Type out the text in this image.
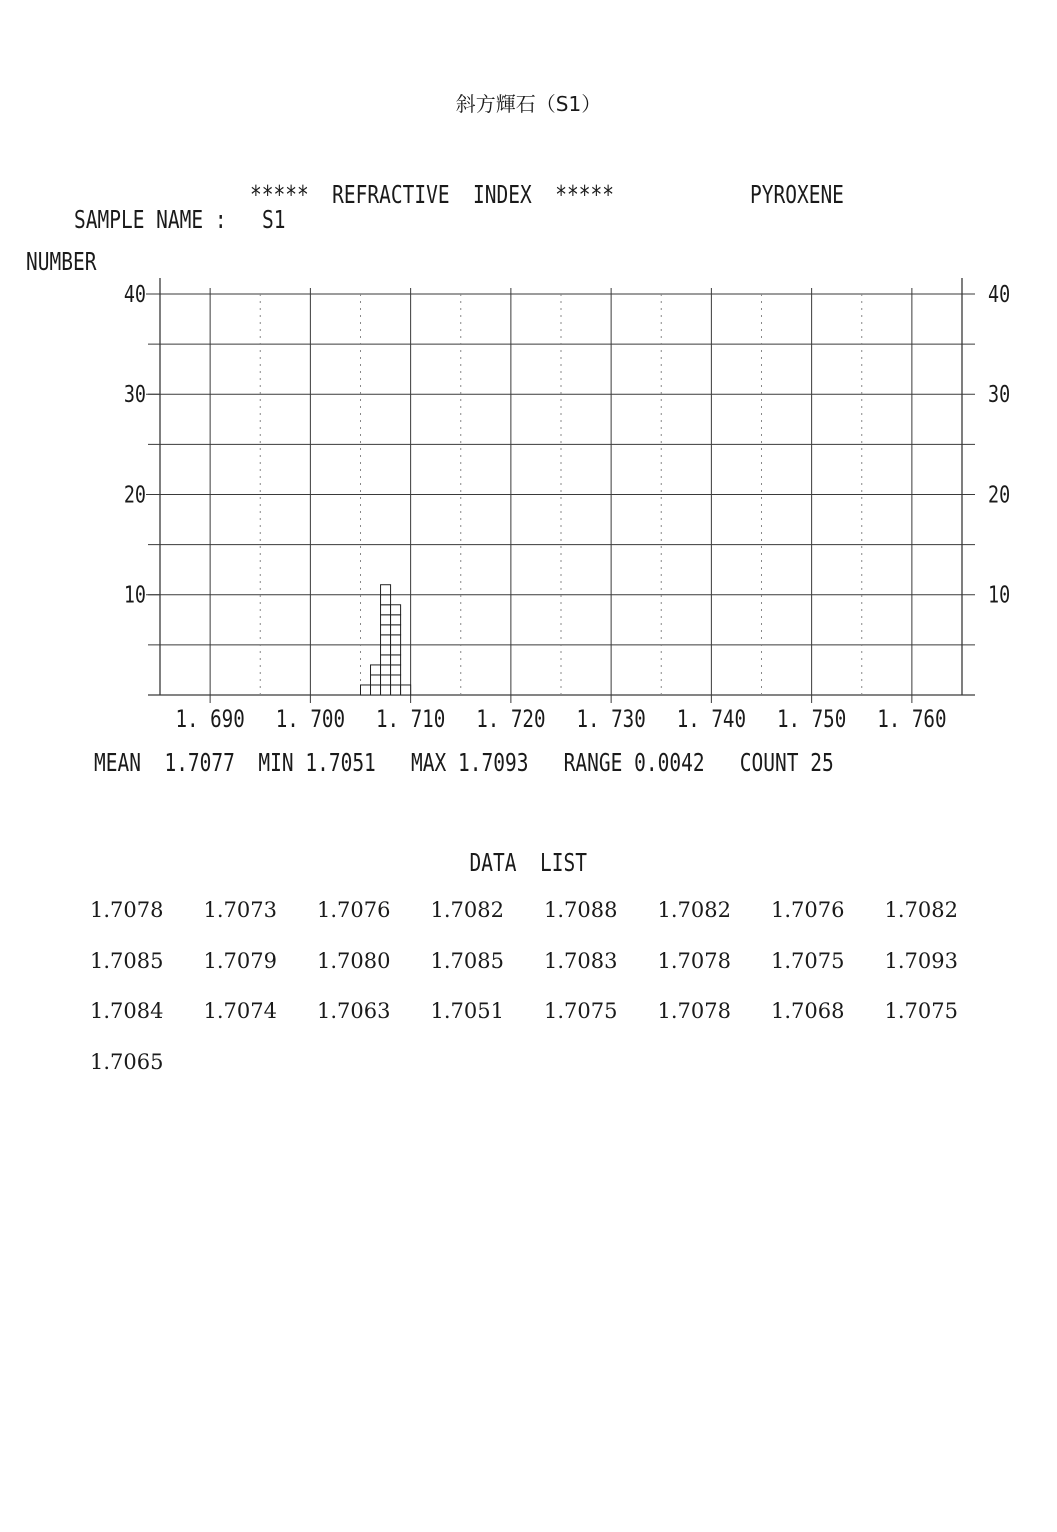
斜方輝石（S1）
*****  REFRACTIVE  INDEX  *****	PYROXENE
SAMPLE NAME : S1
NUMBER
10	10
20	20
30	30
40	40
1. 690 1. 700 1. 710 1. 720 1. 730 1. 740 1. 750 1. 760
MEAN 1.7077 MIN 1.7051 MAX 1.7093 RANGE 0.0042 COUNT 25
DATA  LIST
1.7078 1.7073 1.7076 1.7082 1.7088 1.7082 1.7076 1.7082
1.7085 1.7079 1.7080 1.7085 1.7083 1.7078 1.7075 1.7093
1.7084 1.7074 1.7063 1.7051 1.7075 1.7078 1.7068 1.7075
1.7065
